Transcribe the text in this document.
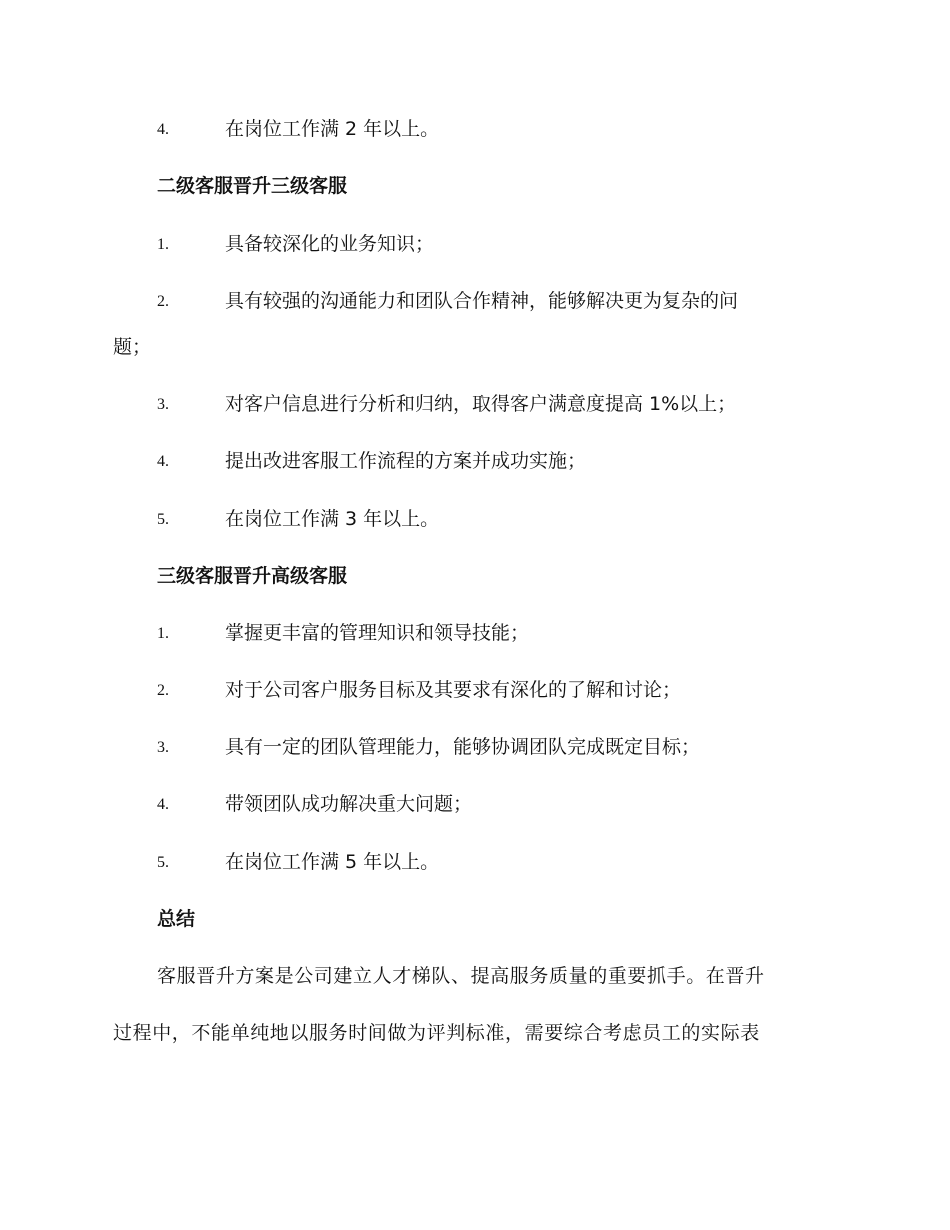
4.	在岗位工作满 2 年以上。
二级客服晋升三级客服
1.	具备较深化的业务知识；
2.	具有较强的沟通能力和团队合作精神，能够解决更为复杂的问
题；
3.	对客户信息进行分析和归纳，取得客户满意度提高 1%以上；
4.	提出改进客服工作流程的方案并成功实施；
5.	在岗位工作满 3 年以上。
三级客服晋升高级客服
1.	掌握更丰富的管理知识和领导技能；
2.	对于公司客户服务目标及其要求有深化的了解和讨论；
3.	具有一定的团队管理能力，能够协调团队完成既定目标；
4.	带领团队成功解决重大问题；
5.	在岗位工作满 5 年以上。
总结
客服晋升方案是公司建立人才梯队、提高服务质量的重要抓手。在晋升
过程中，不能单纯地以服务时间做为评判标准，需要综合考虑员工的实际表
